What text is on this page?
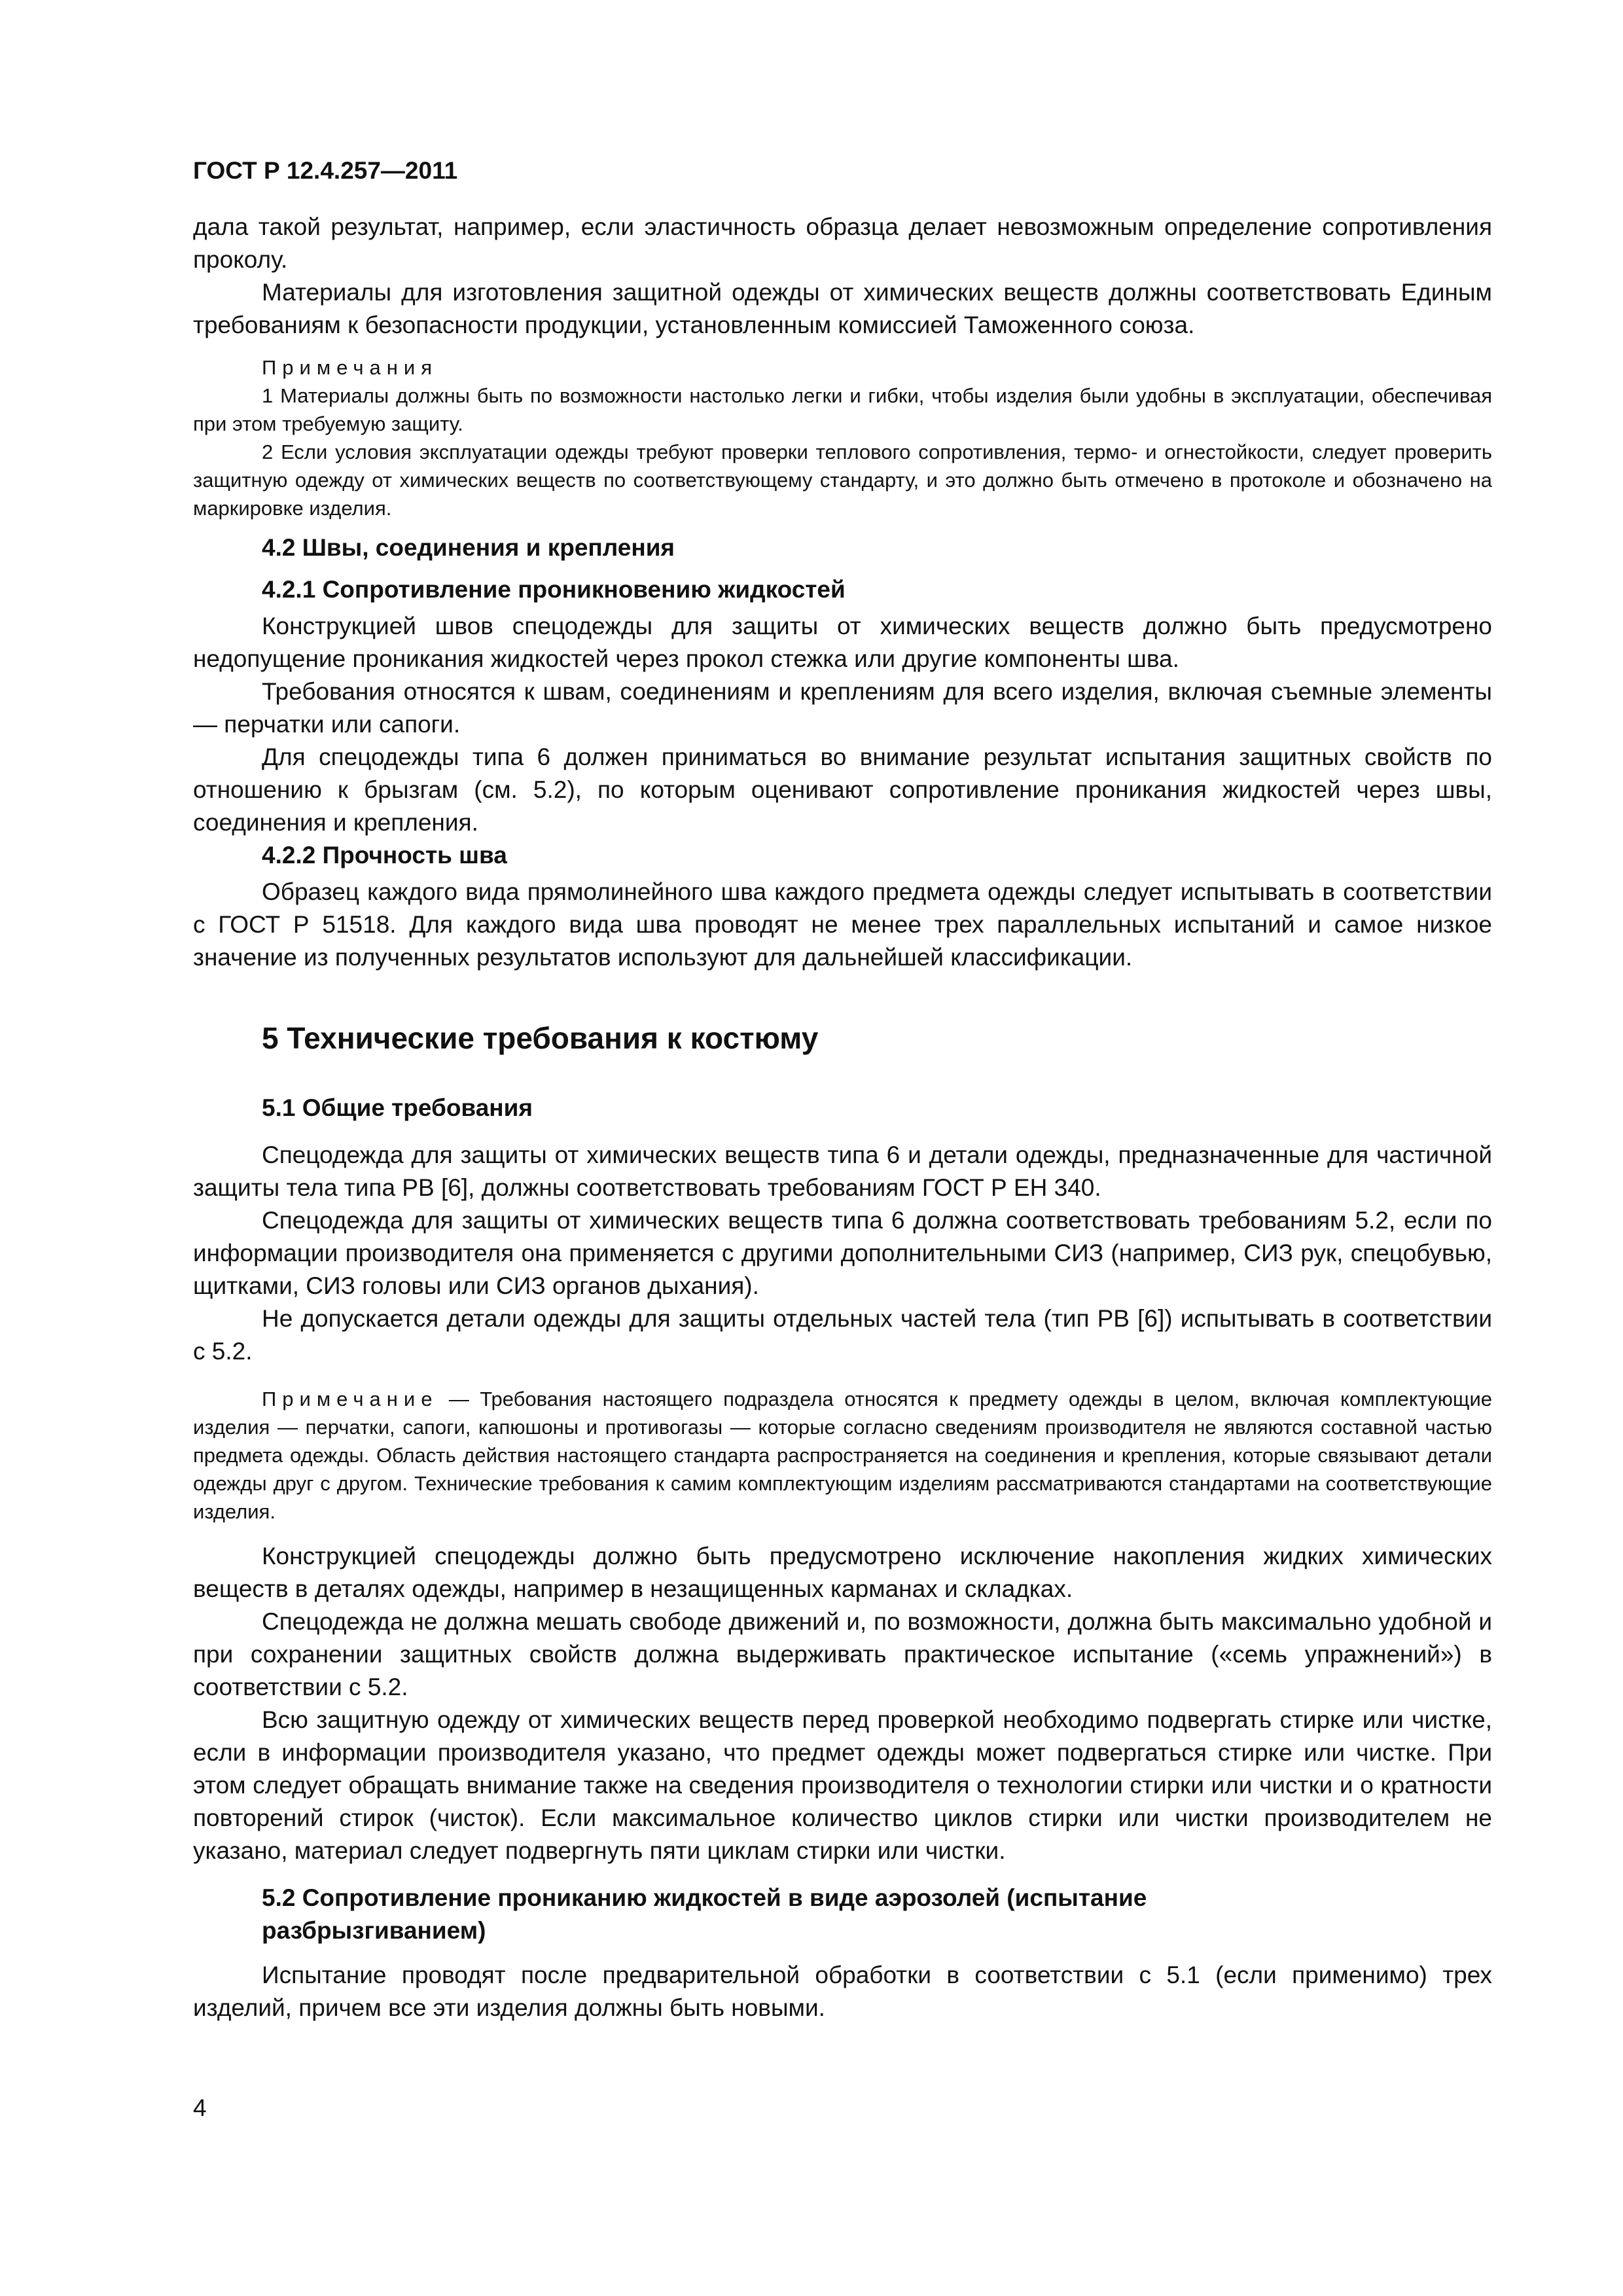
ГОСТ Р 12.4.257—2011

дала такой результат, например, если эластичность образца делает невозможным определение сопротивления проколу.

Материалы для изготовления защитной одежды от химических веществ должны соответствовать Единым требованиям к безопасности продукции, установленным комиссией Таможенного союза.

Примечания
1 Материалы должны быть по возможности настолько легки и гибки, чтобы изделия были удобны в эксплуатации, обеспечивая при этом требуемую защиту.
2 Если условия эксплуатации одежды требуют проверки теплового сопротивления, термо- и огнестойкости, следует проверить защитную одежду от химических веществ по соответствующему стандарту, и это должно быть отмечено в протоколе и обозначено на маркировке изделия.
4.2 Швы, соединения и крепления
4.2.1 Сопротивление проникновению жидкостей

Конструкцией швов спецодежды для защиты от химических веществ должно быть предусмотрено недопущение проникания жидкостей через прокол стежка или другие компоненты шва.

Требования относятся к швам, соединениям и креплениям для всего изделия, включая съемные элементы — перчатки или сапоги.

Для спецодежды типа 6 должен приниматься во внимание результат испытания защитных свойств по отношению к брызгам (см. 5.2), по которым оценивают сопротивление проникания жидкостей через швы, соединения и крепления.

4.2.2 Прочность шва

Образец каждого вида прямолинейного шва каждого предмета одежды следует испытывать в соответствии с ГОСТ Р 51518. Для каждого вида шва проводят не менее трех параллельных испытаний и самое низкое значение из полученных результатов используют для дальнейшей классификации.

5 Технические требования к костюму
5.1 Общие требования

Спецодежда для защиты от химических веществ типа 6 и детали одежды, предназначенные для частичной защиты тела типа PB [6], должны соответствовать требованиям ГОСТ Р ЕН 340.

Спецодежда для защиты от химических веществ типа 6 должна соответствовать требованиям 5.2, если по информации производителя она применяется с другими дополнительными СИЗ (например, СИЗ рук, спецобувью, щитками, СИЗ головы или СИЗ органов дыхания).

Не допускается детали одежды для защиты отдельных частей тела (тип PB [6]) испытывать в соответствии с 5.2.

Примечание — Требования настоящего подраздела относятся к предмету одежды в целом, включая комплектующие изделия — перчатки, сапоги, капюшоны и противогазы — которые согласно сведениям производителя не являются составной частью предмета одежды. Область действия настоящего стандарта распространяется на соединения и крепления, которые связывают детали одежды друг с другом. Технические требования к самим комплектующим изделиям рассматриваются стандартами на соответствующие изделия.

Конструкцией спецодежды должно быть предусмотрено исключение накопления жидких химических веществ в деталях одежды, например в незащищенных карманах и складках.

Спецодежда не должна мешать свободе движений и, по возможности, должна быть максимально удобной и при сохранении защитных свойств должна выдерживать практическое испытание («семь упражнений») в соответствии с 5.2.

Всю защитную одежду от химических веществ перед проверкой необходимо подвергать стирке или чистке, если в информации производителя указано, что предмет одежды может подвергаться стирке или чистке. При этом следует обращать внимание также на сведения производителя о технологии стирки или чистки и о кратности повторений стирок (чисток). Если максимальное количество циклов стирки или чистки производителем не указано, материал следует подвергнуть пяти циклам стирки или чистки.

5.2 Сопротивление прониканию жидкостей в виде аэрозолей (испытание разбрызгиванием)

Испытание проводят после предварительной обработки в соответствии с 5.1 (если применимо) трех изделий, причем все эти изделия должны быть новыми.

4
